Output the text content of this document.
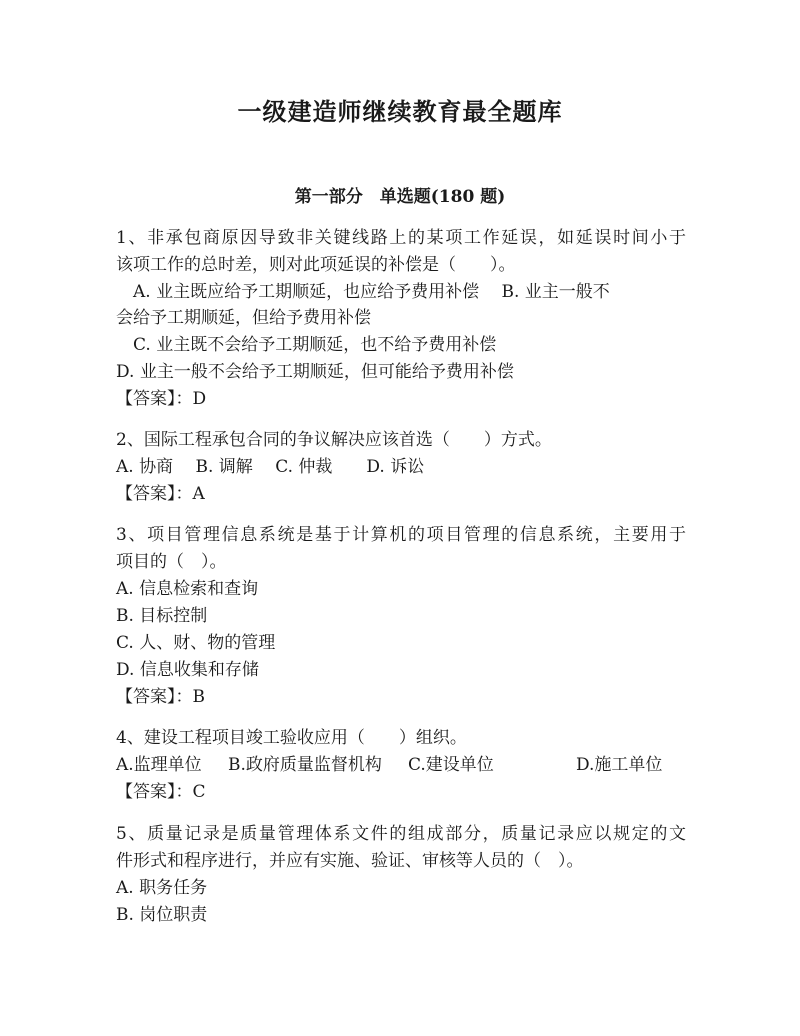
一级建造师继续教育最全题库
第一部分　单选题(180 题)
1、非承包商原因导致非关键线路上的某项工作延误，如延误时间小于
该项工作的总时差，则对此项延误的补偿是（　　）。
　A. 业主既应给予工期顺延，也应给予费用补偿　 B. 业主一般不
会给予工期顺延，但给予费用补偿
　C. 业主既不会给予工期顺延，也不给予费用补偿
D. 业主一般不会给予工期顺延，但可能给予费用补偿
【答案】：D
2、国际工程承包合同的争议解决应该首选（　　）方式。
A. 协商　 B. 调解　 C. 仲裁　　D. 诉讼
【答案】：A
3、项目管理信息系统是基于计算机的项目管理的信息系统，主要用于
项目的（　）。
A. 信息检索和查询
B. 目标控制
C. 人、财、物的管理
D. 信息收集和存储
【答案】：B
4、建设工程项目竣工验收应用（　　）组织。
A.监理单位	B.政府质量监督机构	C.建设单位	D.施工单位
【答案】：C
5、质量记录是质量管理体系文件的组成部分，质量记录应以规定的文
件形式和程序进行，并应有实施、验证、审核等人员的（　）。
A. 职务任务
B. 岗位职责
